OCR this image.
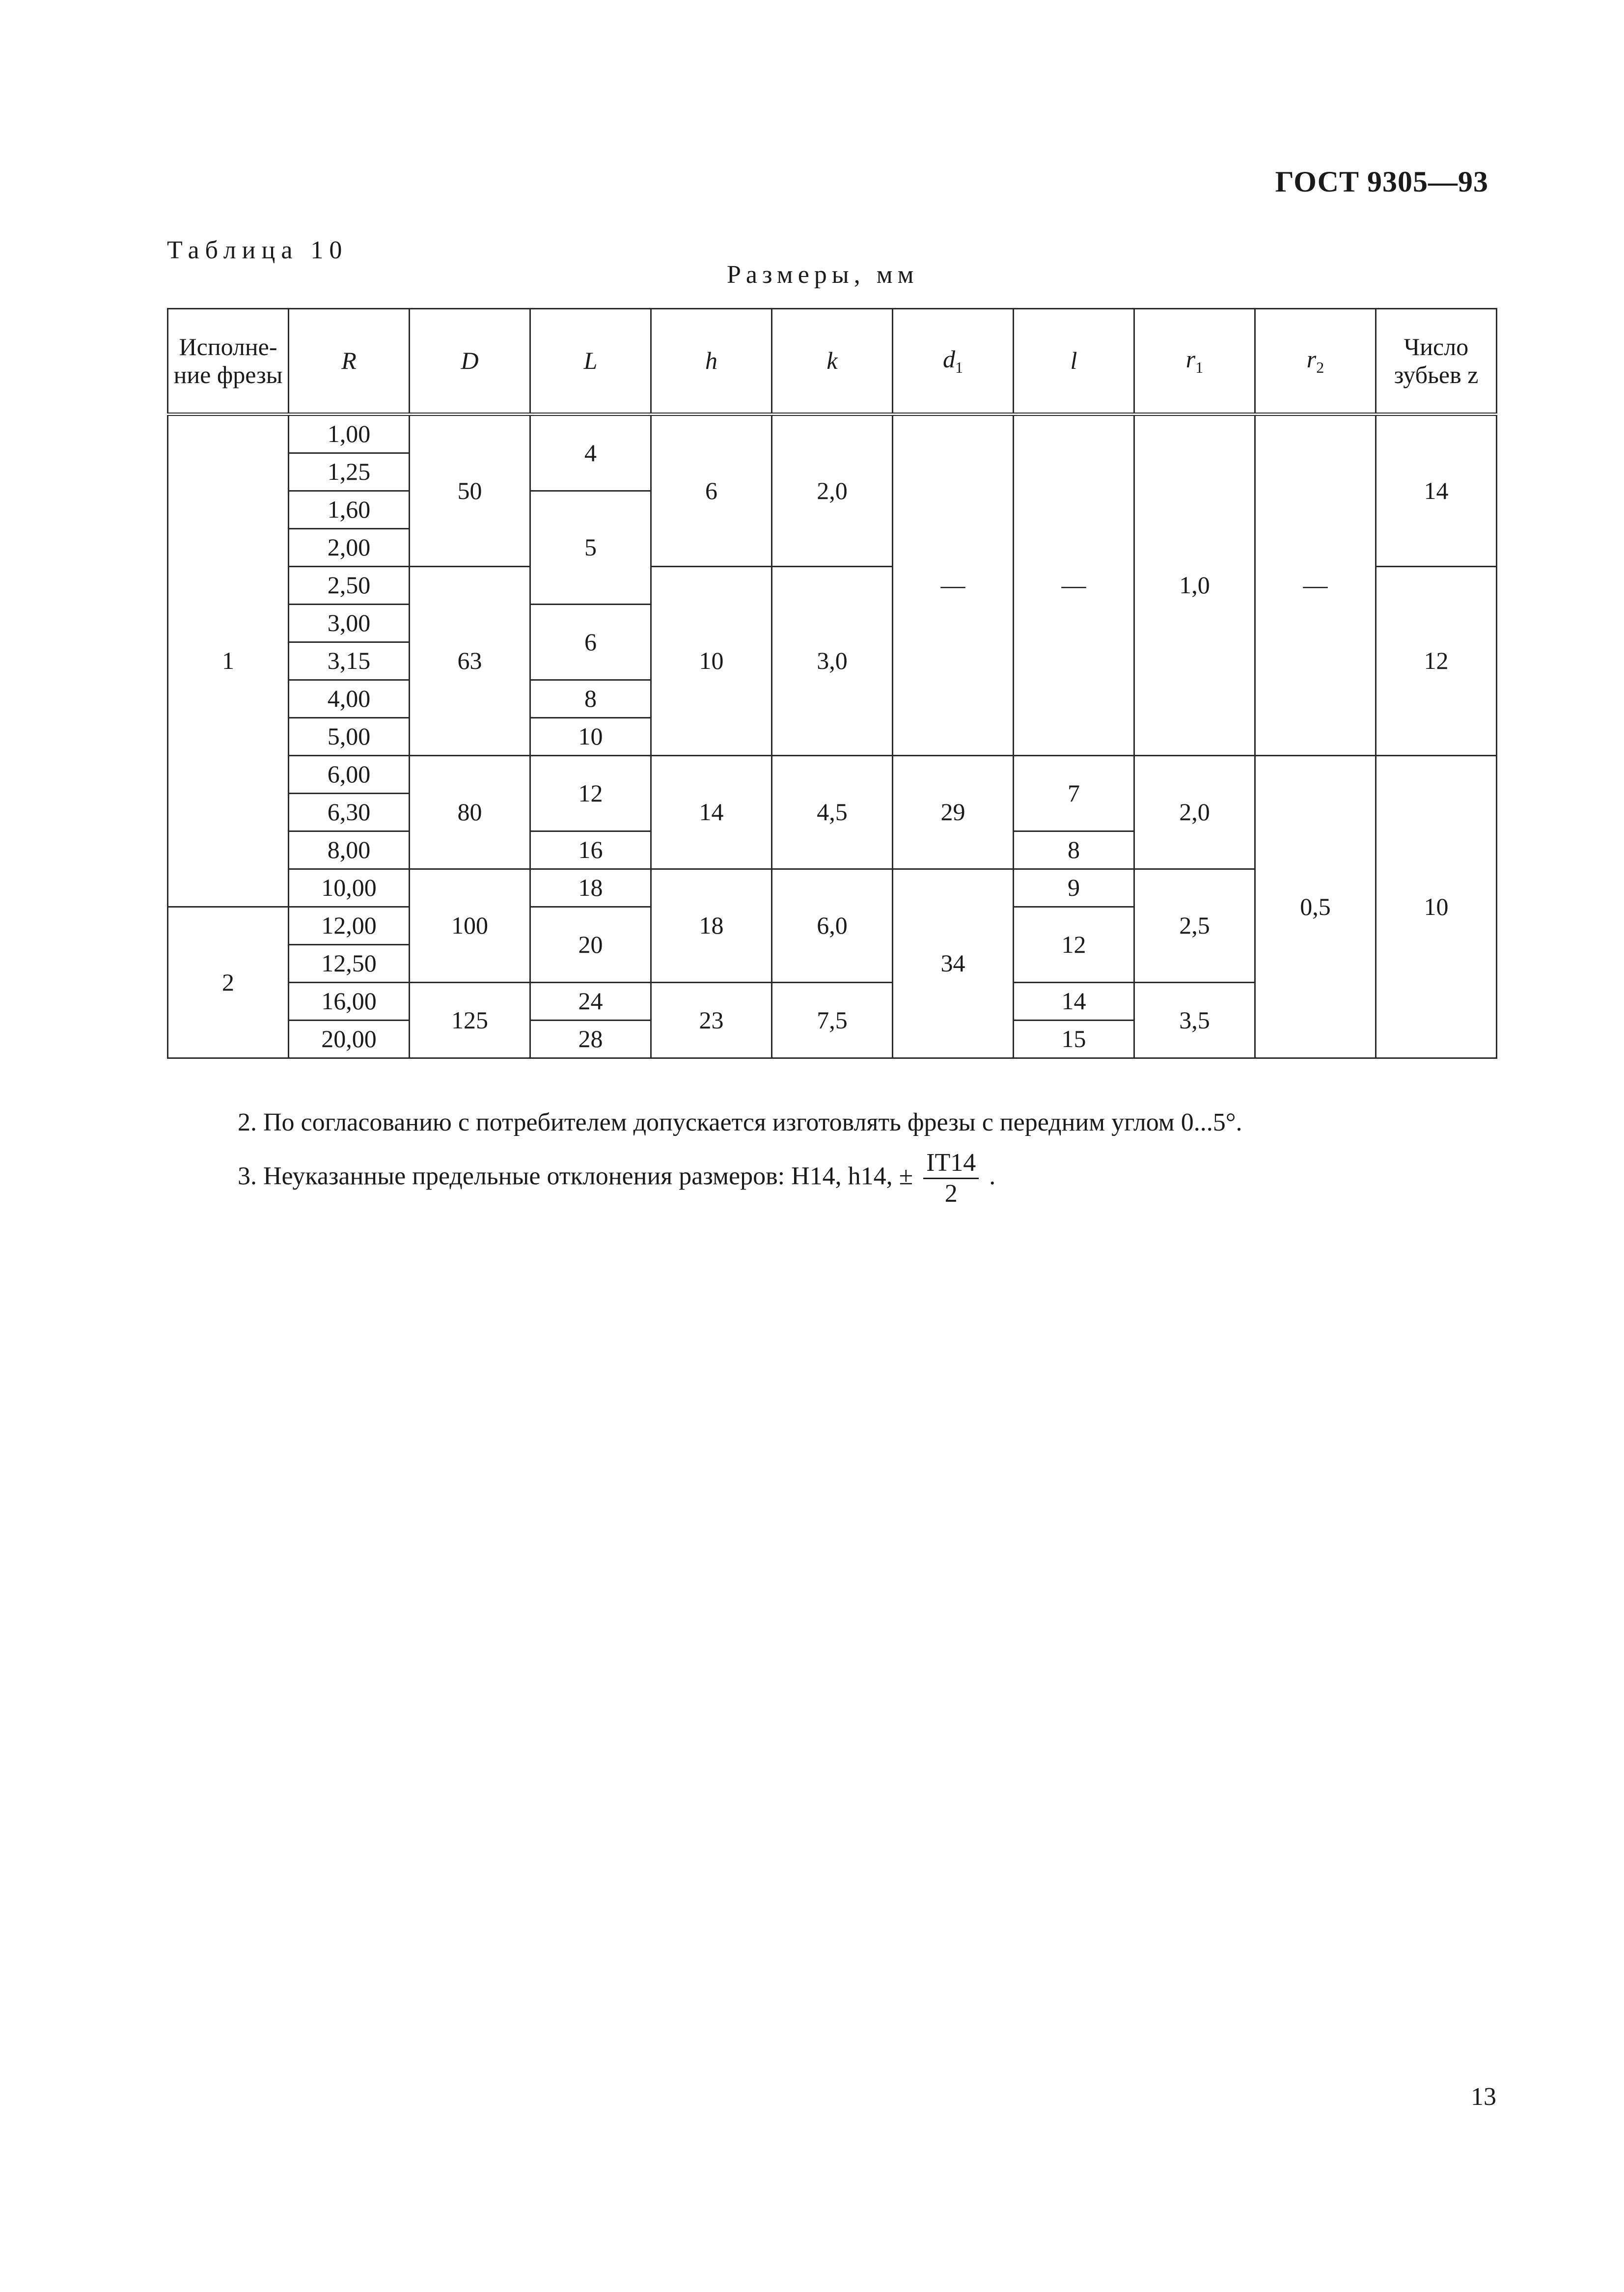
ГОСТ 9305—93
Таблица 10
Размеры, мм
Исполне-ние фрезы	R	D	L	h	k	$d_1$	l	$r_1$	$r_2$	Число зубьев z
1	1,00	50	4	6	2,0	—	—	1,0	—	14
	1,25									
	1,60		5							
	2,00									
	2,50	63		10	3,0					12
	3,00		6							
	3,15									
	4,00		8							
	5,00		10							
	6,00	80	12	14	4,5	29	7	2,0	0,5	10
	6,30									
	8,00		16				8			
	10,00	100	18	18	6,0	34	9	2,5		
2	12,00		20				12			
	12,50									
	16,00	125	24	23	7,5		14	3,5		
	20,00		28				15			
2. По согласованию с потребителем допускается изготовлять фрезы с передним углом 0...5°.
3. Неуказанные предельные отклонения размеров: H14, h14, ± $\frac{IT14}{2}$ .
13
